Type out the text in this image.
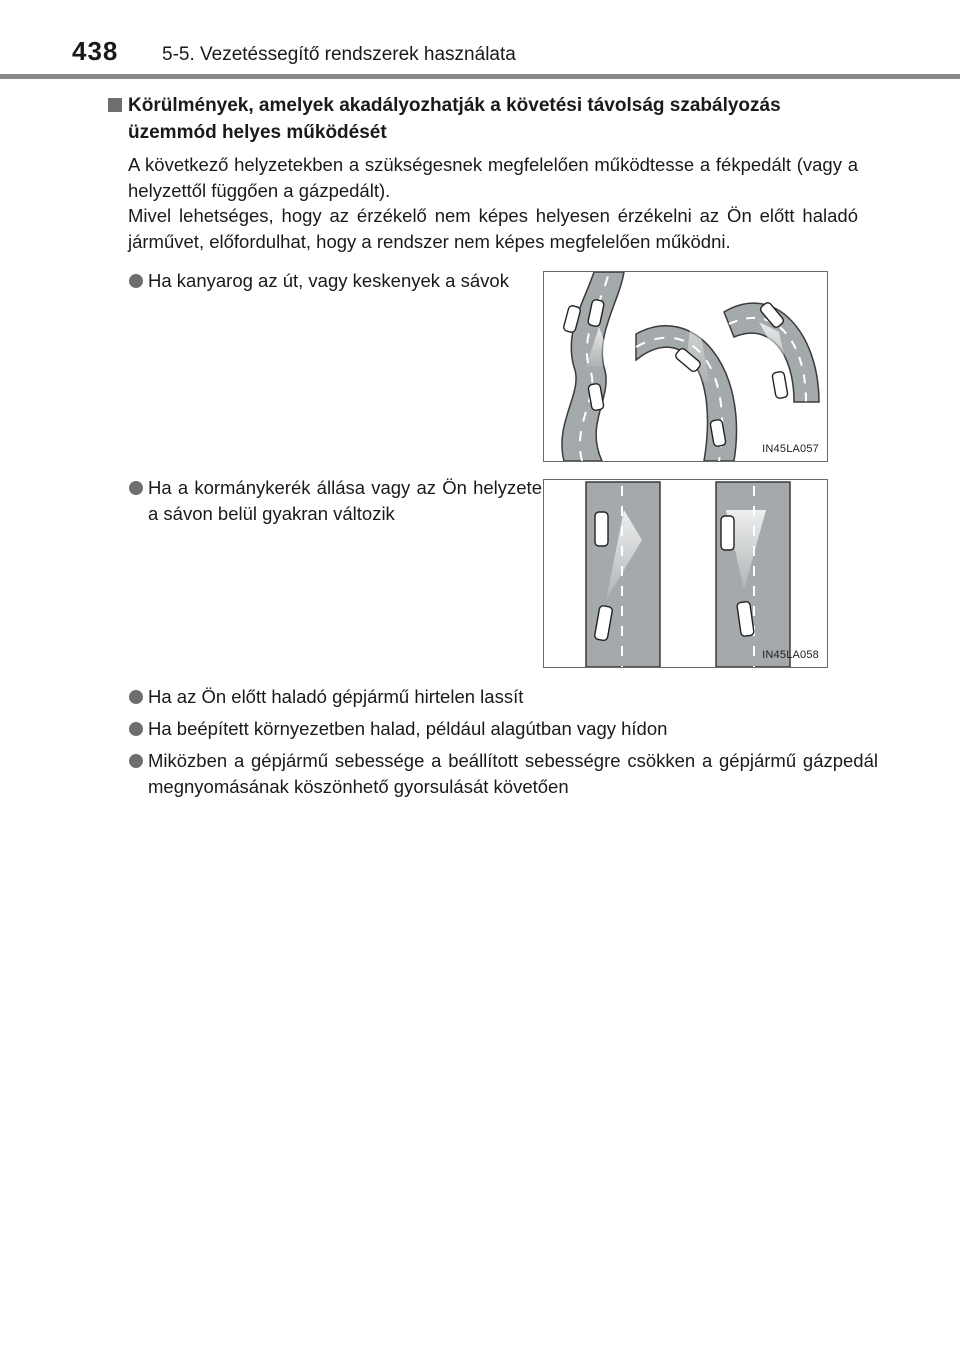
438 5-5. Vezetéssegítő rendszerek használata
Körülmények, amelyek akadályozhatják a követési távolság szabályozás üzemmód helyes működését
A következő helyzetekben a szükségesnek megfelelően működtesse a fékpedált (vagy a helyzettől függően a gázpedált).
Mivel lehetséges, hogy az érzékelő nem képes helyesen érzékelni az Ön előtt haladó járművet, előfordulhat, hogy a rendszer nem képes megfelelően működni.
Ha kanyarog az út, vagy keskenyek a sávok
IN45LA057
Ha a kormánykerék állása vagy az Ön helyzete a sávon belül gyakran változik
IN45LA058
Ha az Ön előtt haladó gépjármű hirtelen lassít
Ha beépített környezetben halad, például alagútban vagy hídon
Miközben a gépjármű sebessége a beállított sebességre csökken a gépjármű gázpedál megnyomásának köszönhető gyorsulását követően
